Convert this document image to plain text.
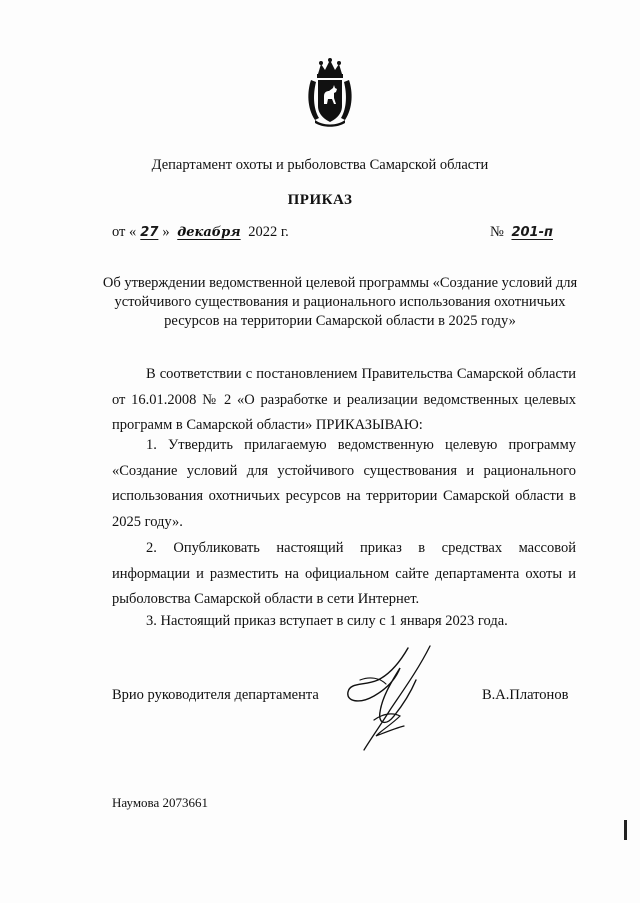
Департамент охоты и рыболовства Самарской области
ПРИКАЗ
от « 27 » декабря 2022 г.	№ 201-п
Об утверждении ведомственной целевой программы «Создание условий для устойчивого существования и рационального использования охотничьих ресурсов на территории Самарской области в 2025 году»
В соответствии с постановлением Правительства Самарской области от 16.01.2008 № 2 «О разработке и реализации ведомственных целевых программ в Самарской области» ПРИКАЗЫВАЮ:
1. Утвердить прилагаемую ведомственную целевую программу «Создание условий для устойчивого существования и рационального использования охотничьих ресурсов на территории Самарской области в 2025 году».
2. Опубликовать настоящий приказ в средствах массовой информации и разместить на официальном сайте департамента охоты и рыболовства Самарской области в сети Интернет.
3. Настоящий приказ вступает в силу с 1 января 2023 года.
Врио руководителя департамента	В.А.Платонов
Наумова 2073661
